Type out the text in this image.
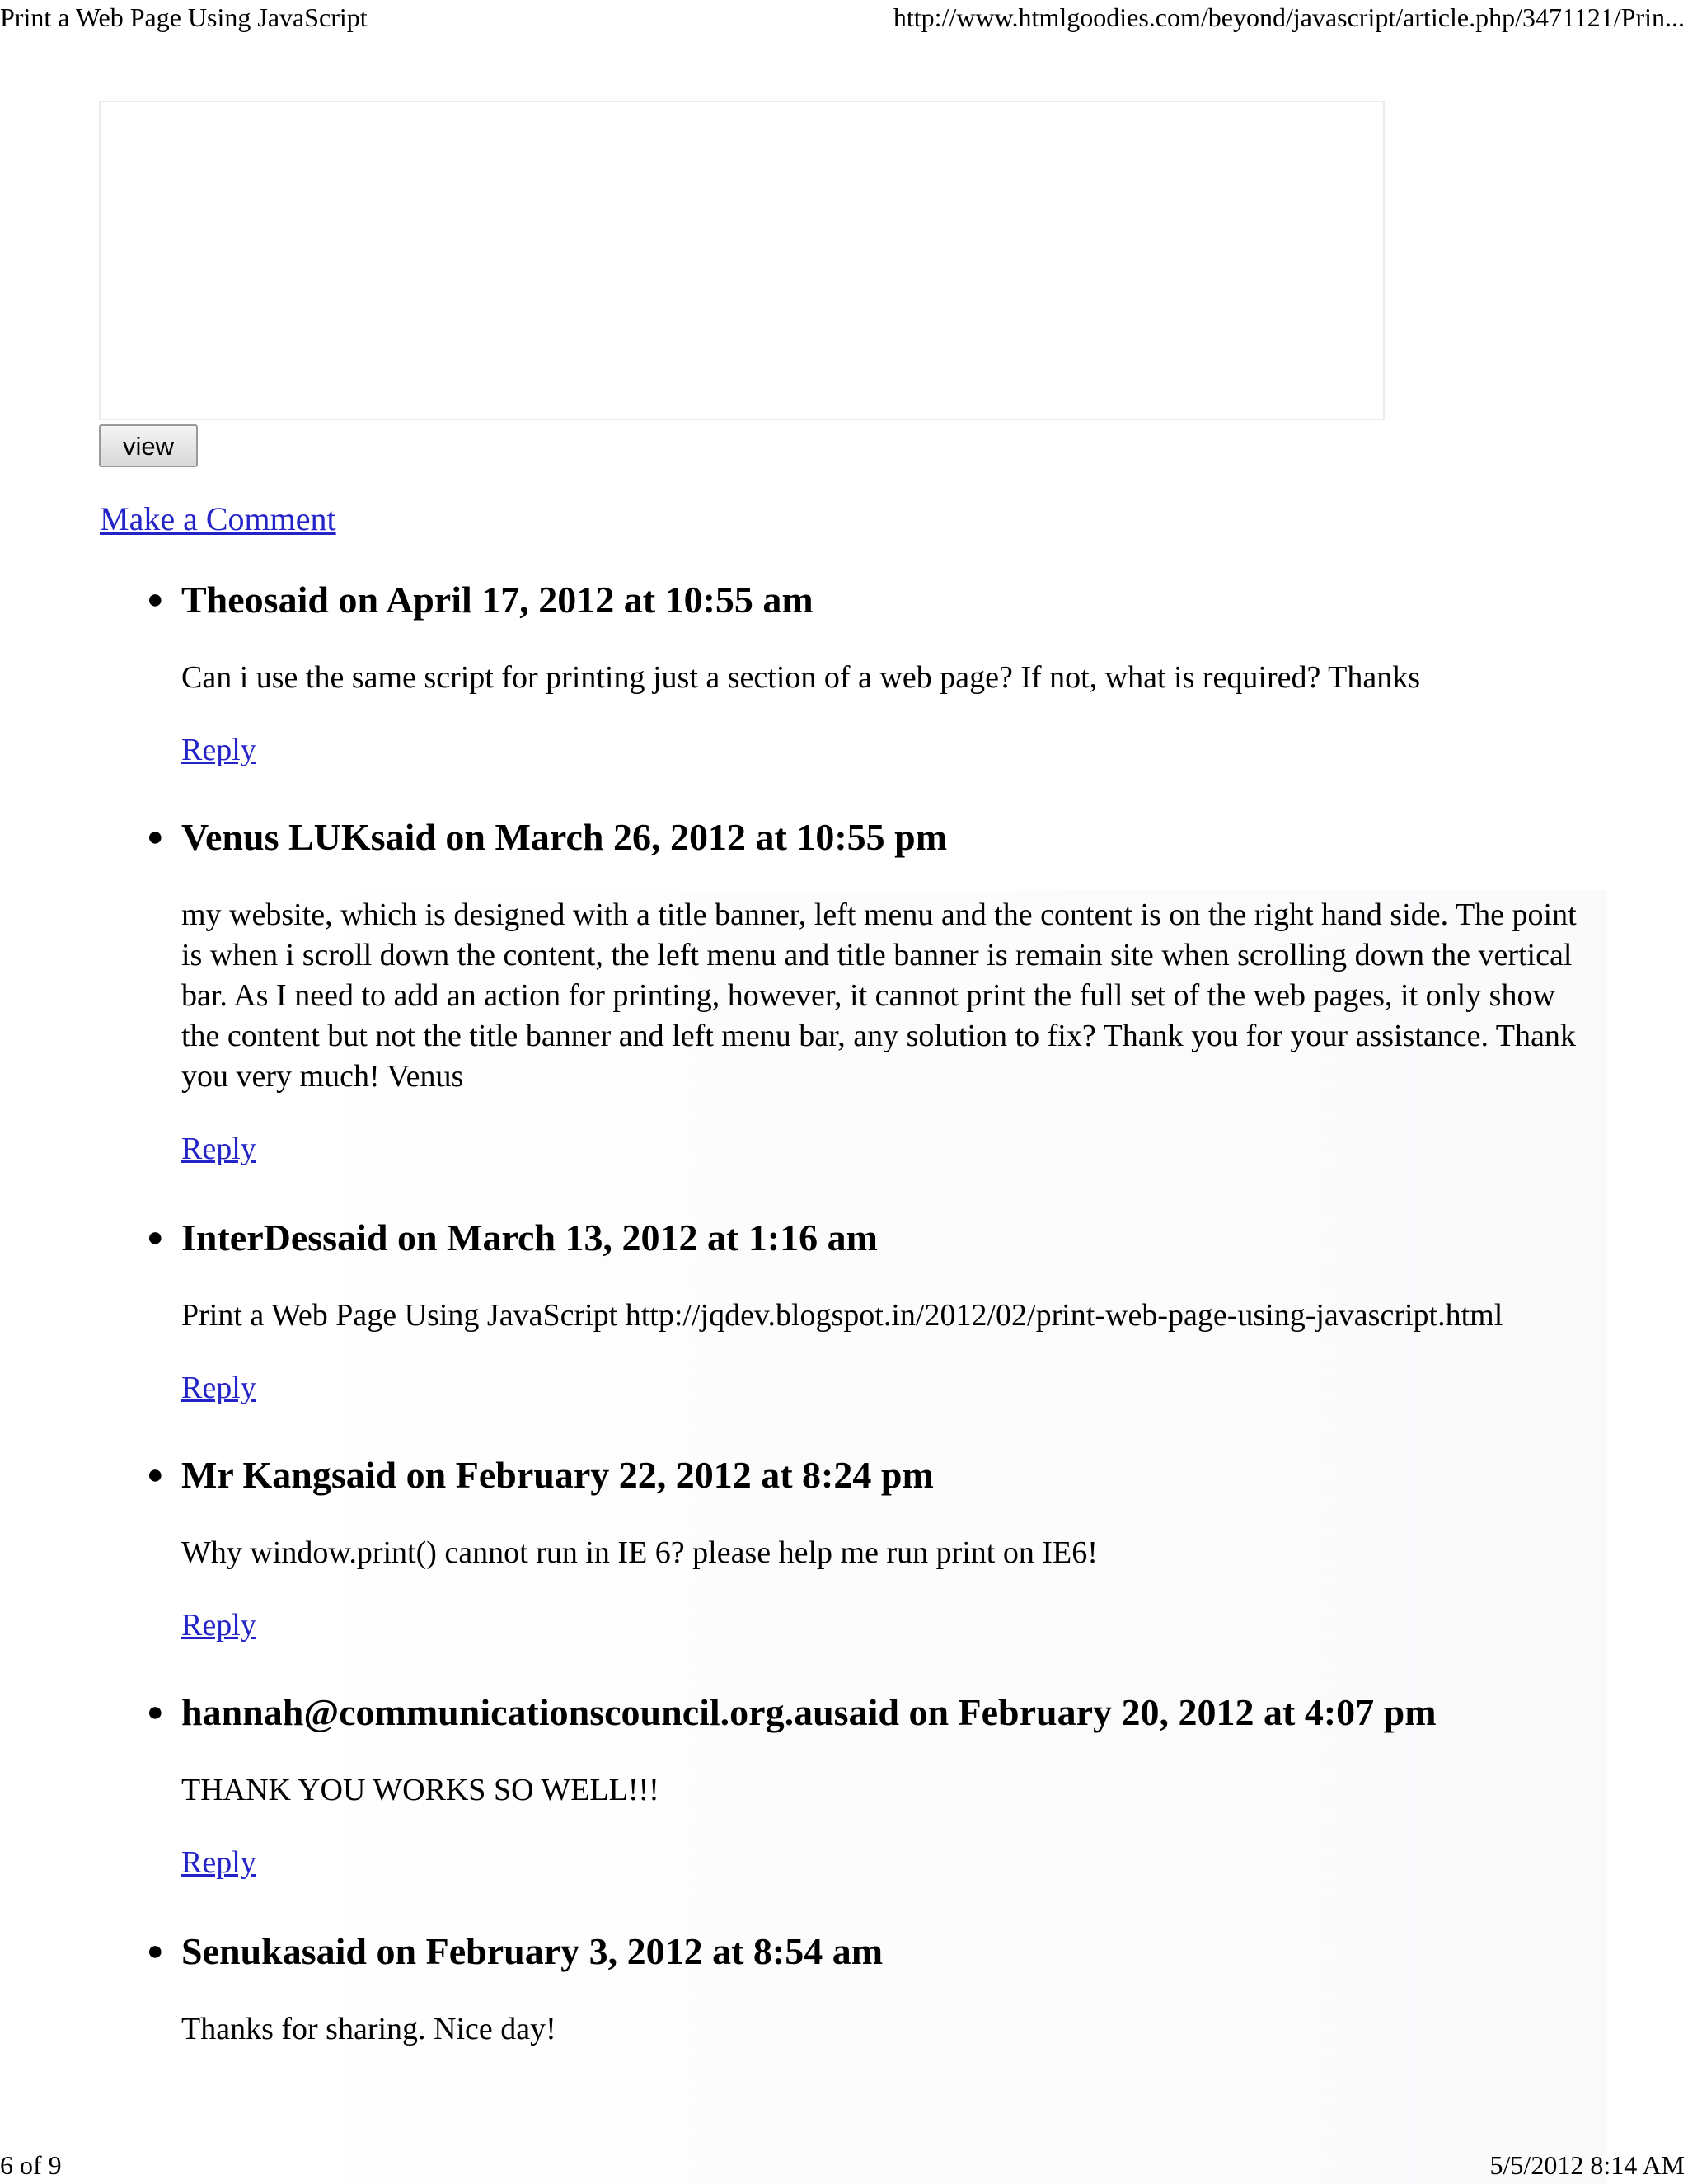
Print a Web Page Using JavaScript	http://www.htmlgoodies.com/beyond/javascript/article.php/3471121/Prin...
view
Make a Comment
● Theosaid on April 17, 2012 at 10:55 am
Can i use the same script for printing just a section of a web page? If not, what is required? Thanks
Reply
● Venus LUKsaid on March 26, 2012 at 10:55 pm
my website, which is designed with a title banner, left menu and the content is on the right hand side. The point is when i scroll down the content, the left menu and title banner is remain site when scrolling down the vertical bar. As I need to add an action for printing, however, it cannot print the full set of the web pages, it only show the content but not the title banner and left menu bar, any solution to fix? Thank you for your assistance. Thank you very much! Venus
Reply
● InterDessaid on March 13, 2012 at 1:16 am
Print a Web Page Using JavaScript http://jqdev.blogspot.in/2012/02/print-web-page-using-javascript.html
Reply
● Mr Kangsaid on February 22, 2012 at 8:24 pm
Why window.print() cannot run in IE 6? please help me run print on IE6!
Reply
● hannah@communicationscouncil.org.ausaid on February 20, 2012 at 4:07 pm
THANK YOU WORKS SO WELL!!!
Reply
● Senukasaid on February 3, 2012 at 8:54 am
Thanks for sharing. Nice day!
6 of 9	5/5/2012 8:14 AM
